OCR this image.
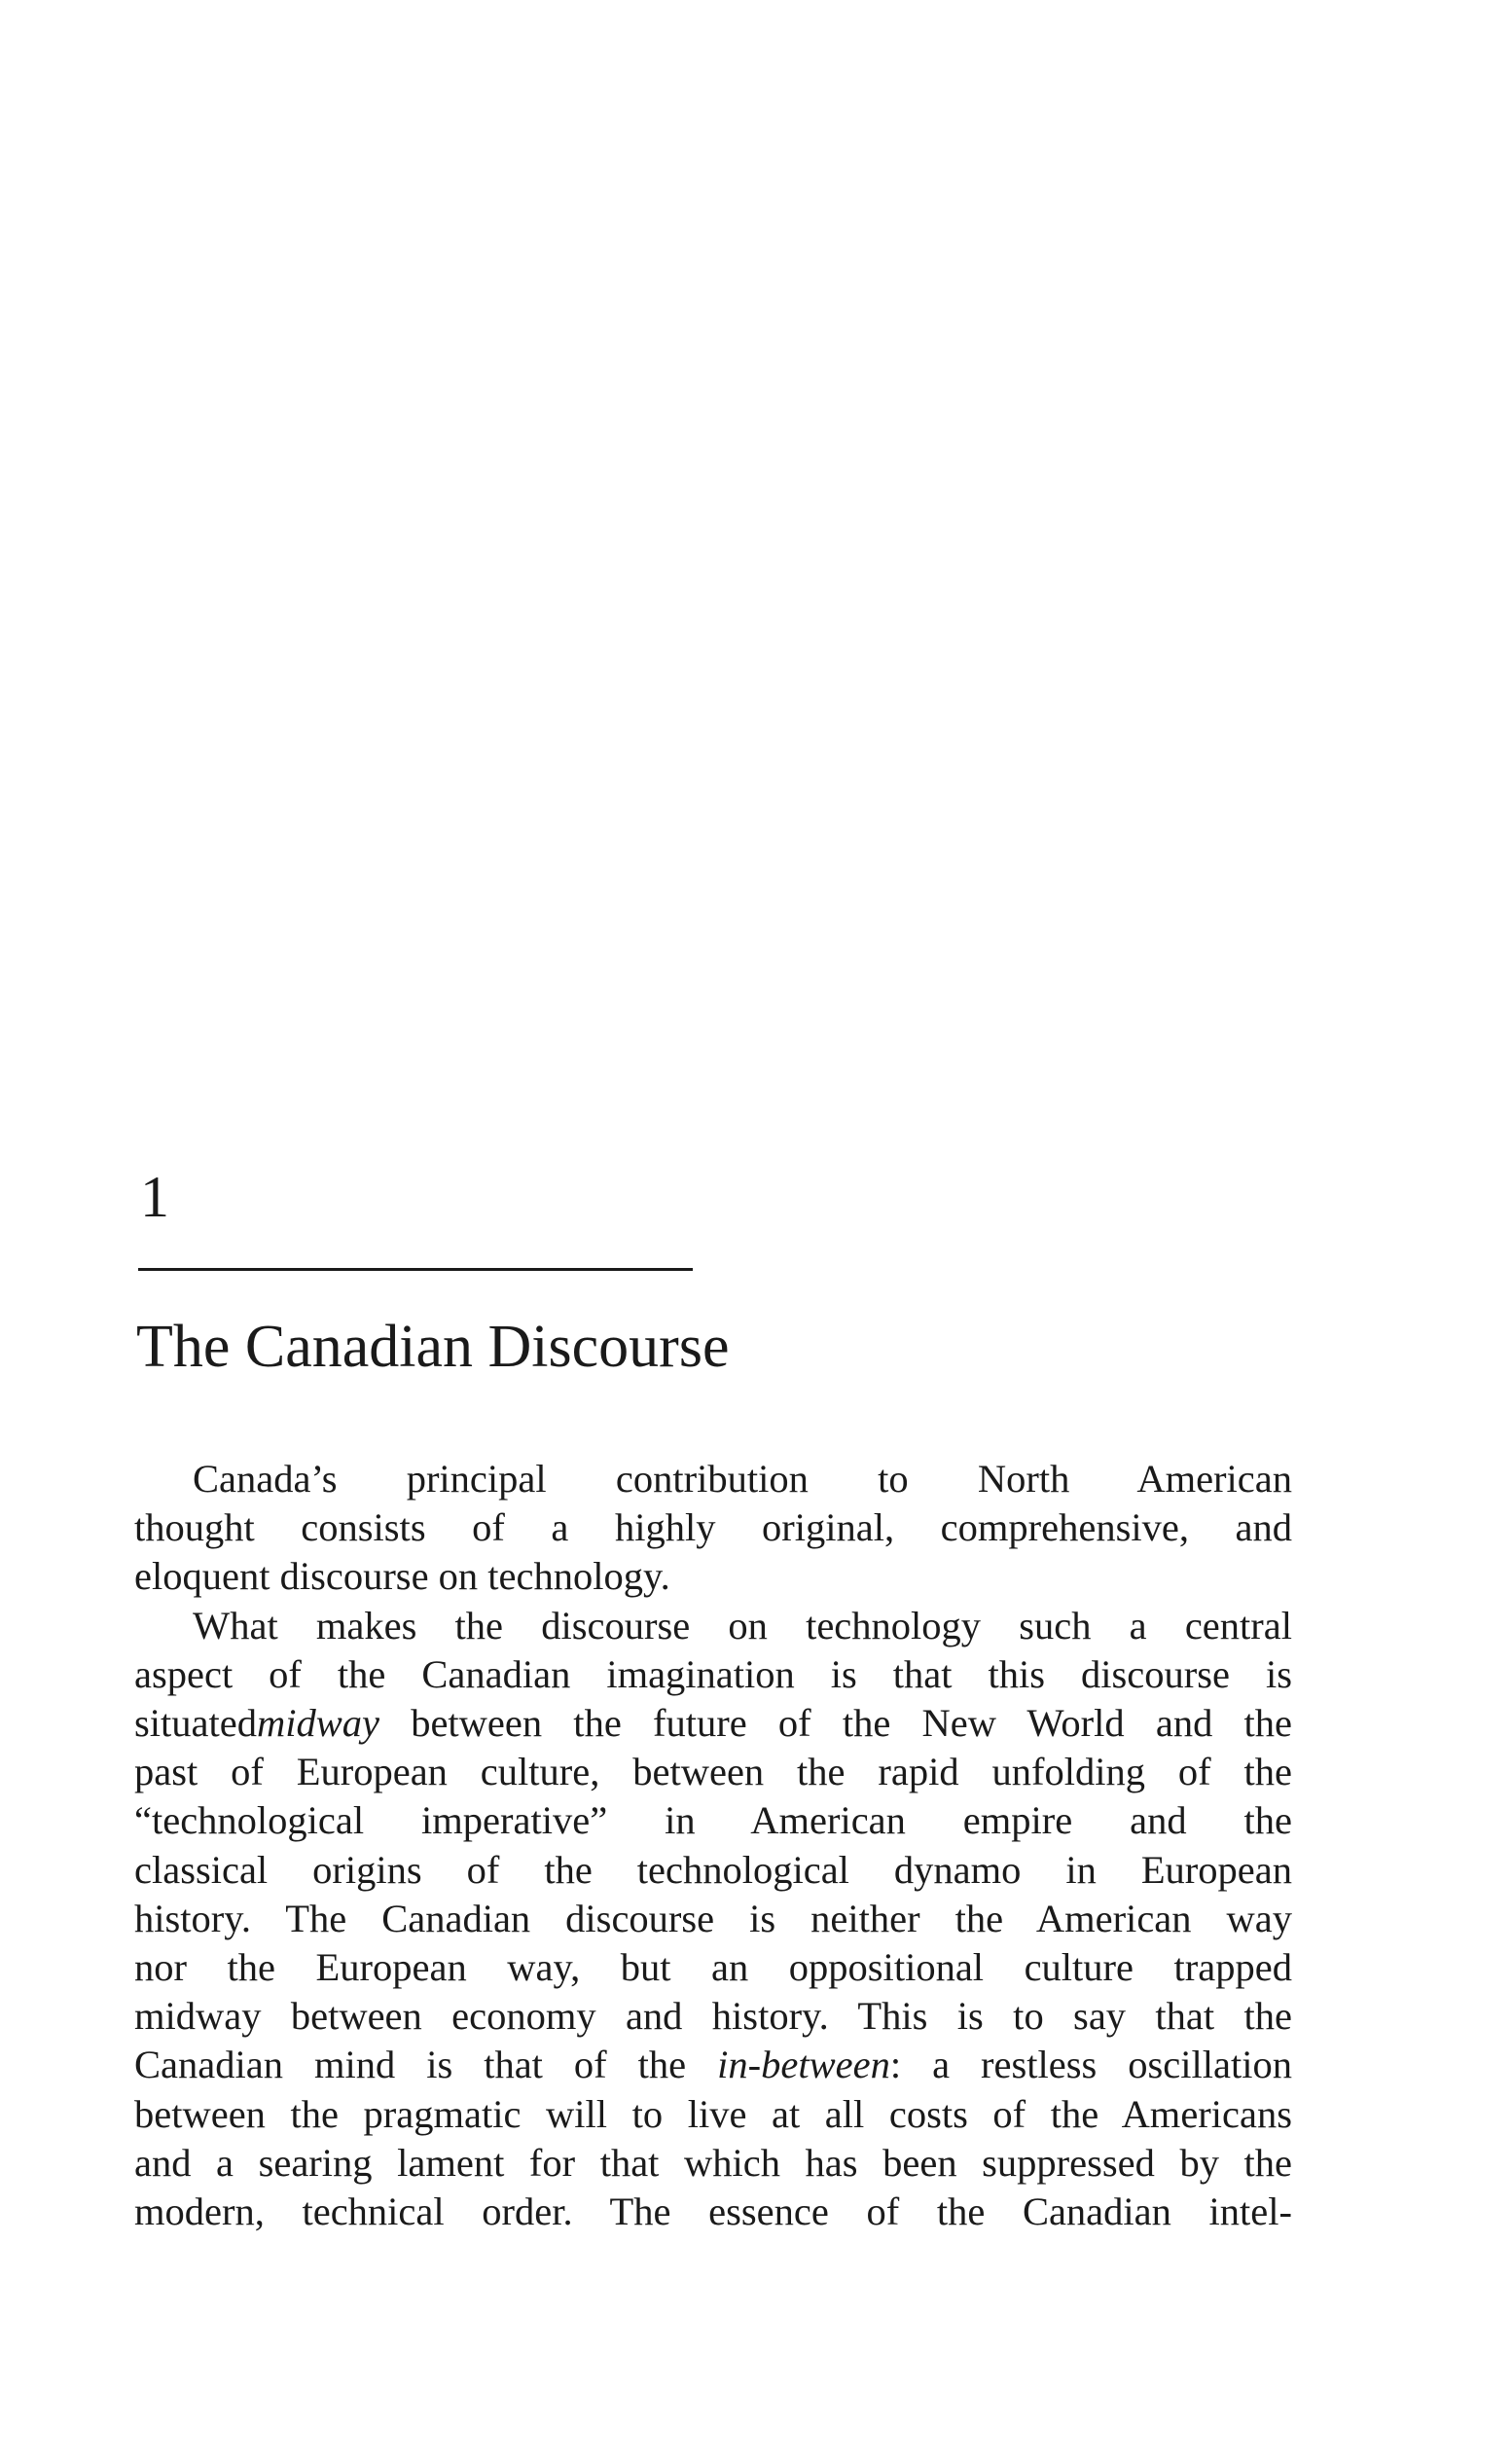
1
The Canadian Discourse
Canada’s principal contribution to North American
thought consists of a highly original, comprehensive, and
eloquent discourse on technology.
What makes the discourse on technology such a central
aspect of the Canadian imagination is that this discourse is
situatedmidway between the future of the New World and the
past of European culture, between the rapid unfolding of the
“technological imperative” in American empire and the
classical origins of the technological dynamo in European
history. The Canadian discourse is neither the American way
nor the European way, but an oppositional culture trapped
midway between economy and history. This is to say that the
Canadian mind is that of the in-between: a restless oscillation
between the pragmatic will to live at all costs of the Americans
and a searing lament for that which has been suppressed by the
modern, technical order. The essence of the Canadian intel-
